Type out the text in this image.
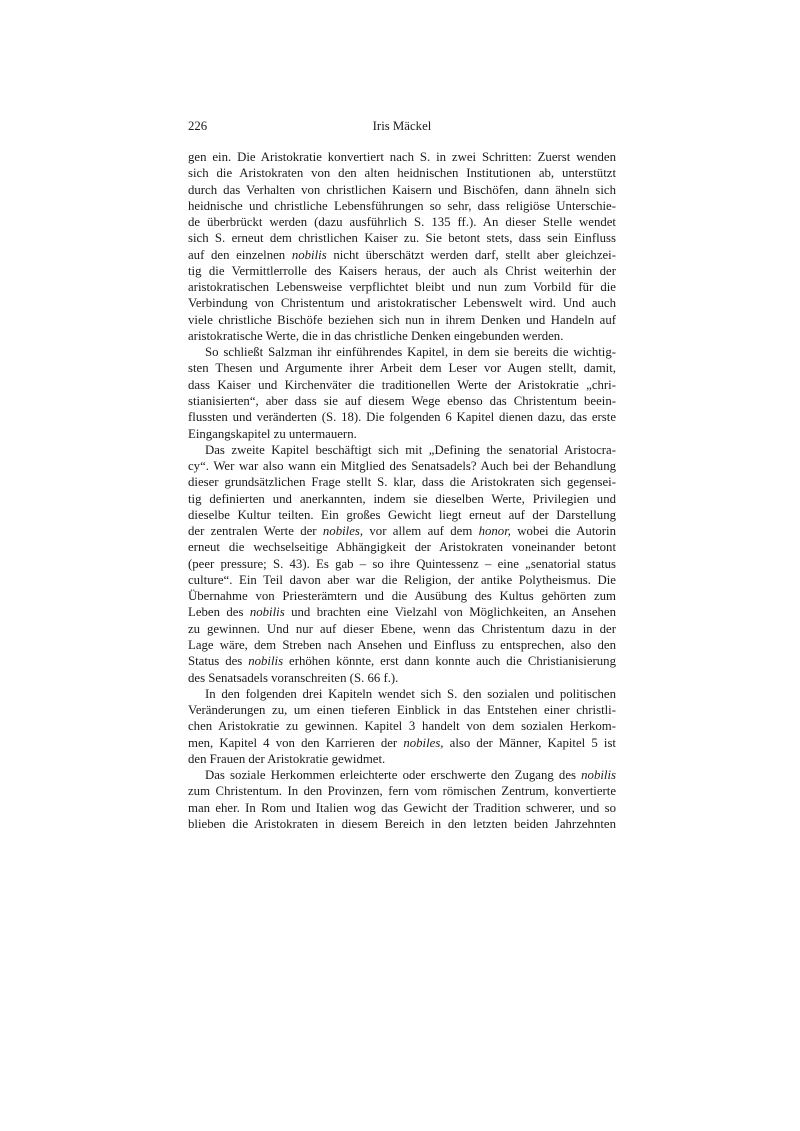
226	Iris Mäckel
gen ein. Die Aristokratie konvertiert nach S. in zwei Schritten: Zuerst wenden
sich die Aristokraten von den alten heidnischen Institutionen ab, unterstützt
durch das Verhalten von christlichen Kaisern und Bischöfen, dann ähneln sich
heidnische und christliche Lebensführungen so sehr, dass religiöse Unterschie-
de überbrückt werden (dazu ausführlich S. 135 ff.). An dieser Stelle wendet
sich S. erneut dem christlichen Kaiser zu. Sie betont stets, dass sein Einfluss
auf den einzelnen nobilis nicht überschätzt werden darf, stellt aber gleichzei-
tig die Vermittlerrolle des Kaisers heraus, der auch als Christ weiterhin der
aristokratischen Lebensweise verpflichtet bleibt und nun zum Vorbild für die
Verbindung von Christentum und aristokratischer Lebenswelt wird. Und auch
viele christliche Bischöfe beziehen sich nun in ihrem Denken und Handeln auf
aristokratische Werte, die in das christliche Denken eingebunden werden.
So schließt Salzman ihr einführendes Kapitel, in dem sie bereits die wichtig-
sten Thesen und Argumente ihrer Arbeit dem Leser vor Augen stellt, damit,
dass Kaiser und Kirchenväter die traditionellen Werte der Aristokratie „chri-
stianisierten“, aber dass sie auf diesem Wege ebenso das Christentum beein-
flussten und veränderten (S. 18). Die folgenden 6 Kapitel dienen dazu, das erste
Eingangskapitel zu untermauern.
Das zweite Kapitel beschäftigt sich mit „Defining the senatorial Aristocra-
cy“. Wer war also wann ein Mitglied des Senatsadels? Auch bei der Behandlung
dieser grundsätzlichen Frage stellt S. klar, dass die Aristokraten sich gegensei-
tig definierten und anerkannten, indem sie dieselben Werte, Privilegien und
dieselbe Kultur teilten. Ein großes Gewicht liegt erneut auf der Darstellung
der zentralen Werte der nobiles, vor allem auf dem honor, wobei die Autorin
erneut die wechselseitige Abhängigkeit der Aristokraten voneinander betont
(peer pressure; S. 43). Es gab – so ihre Quintessenz – eine „senatorial status
culture“. Ein Teil davon aber war die Religion, der antike Polytheismus. Die
Übernahme von Priesterämtern und die Ausübung des Kultus gehörten zum
Leben des nobilis und brachten eine Vielzahl von Möglichkeiten, an Ansehen
zu gewinnen. Und nur auf dieser Ebene, wenn das Christentum dazu in der
Lage wäre, dem Streben nach Ansehen und Einfluss zu entsprechen, also den
Status des nobilis erhöhen könnte, erst dann konnte auch die Christianisierung
des Senatsadels voranschreiten (S. 66 f.).
In den folgenden drei Kapiteln wendet sich S. den sozialen und politischen
Veränderungen zu, um einen tieferen Einblick in das Entstehen einer christli-
chen Aristokratie zu gewinnen. Kapitel 3 handelt von dem sozialen Herkom-
men, Kapitel 4 von den Karrieren der nobiles, also der Männer, Kapitel 5 ist
den Frauen der Aristokratie gewidmet.
Das soziale Herkommen erleichterte oder erschwerte den Zugang des nobilis
zum Christentum. In den Provinzen, fern vom römischen Zentrum, konvertierte
man eher. In Rom und Italien wog das Gewicht der Tradition schwerer, und so
blieben die Aristokraten in diesem Bereich in den letzten beiden Jahrzehnten
